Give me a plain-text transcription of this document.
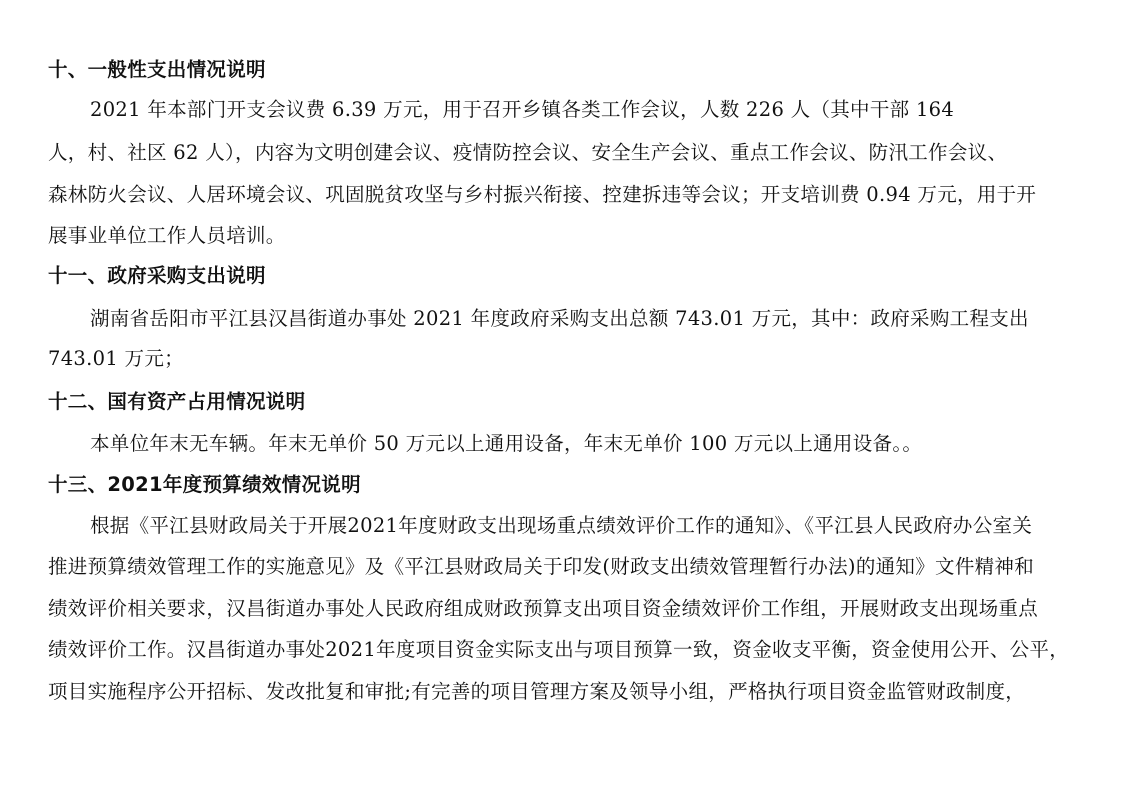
十、一般性支出情况说明
2021 年本部门开支会议费 6.39 万元，用于召开乡镇各类工作会议，人数 226 人（其中干部 164
人，村、社区 62 人），内容为文明创建会议、疫情防控会议、安全生产会议、重点工作会议、防汛工作会议、
森林防火会议、人居环境会议、巩固脱贫攻坚与乡村振兴衔接、控建拆违等会议；开支培训费 0.94 万元，用于开
展事业单位工作人员培训。
十一、政府采购支出说明
湖南省岳阳市平江县汉昌街道办事处 2021 年度政府采购支出总额 743.01 万元，其中：政府采购工程支出
743.01 万元；
十二、国有资产占用情况说明
本单位年末无车辆。年末无单价 50 万元以上通用设备，年末无单价 100 万元以上通用设备。。
十三、2021年度预算绩效情况说明
根据《平江县财政局关于开展2021年度财政支出现场重点绩效评价工作的通知》、《平江县人民政府办公室关
推进预算绩效管理工作的实施意见》及《平江县财政局关于印发(财政支出绩效管理暂行办法)的通知》文件精神和
绩效评价相关要求，汉昌街道办事处人民政府组成财政预算支出项目资金绩效评价工作组，开展财政支出现场重点
绩效评价工作。汉昌街道办事处2021年度项目资金实际支出与项目预算一致，资金收支平衡，资金使用公开、公平，
项目实施程序公开招标、发改批复和审批;有完善的项目管理方案及领导小组，严格执行项目资金监管财政制度，
